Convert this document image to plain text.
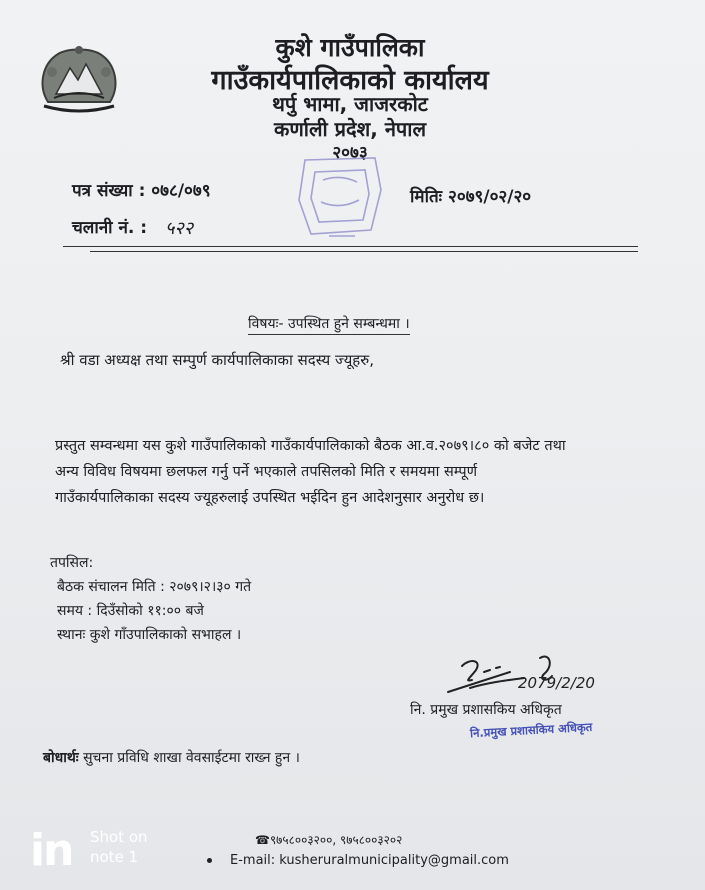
कुशे गाउँपालिका
गाउँकार्यपालिकाको कार्यालय
थर्पु भामा, जाजरकोट
कर्णाली प्रदेश, नेपाल
२०७३
पत्र संख्या : ०७८/०७९	मितिः २०७९/०२/२०
चलानी नं. : ५२२
विषयः- उपस्थित हुने सम्बन्धमा ।
श्री वडा अध्यक्ष तथा सम्पुर्ण कार्यपालिकाका सदस्य ज्यूहरु,
प्रस्तुत सम्वन्धमा यस कुशे गाउँपालिकाको गाउँकार्यपालिकाको बैठक आ.व.२०७९।८० को बजेट तथा
अन्य विविध विषयमा छलफल गर्नु पर्ने भएकाले तपसिलको मिति र समयमा सम्पूर्ण
गाउँकार्यपालिकाका सदस्य ज्यूहरुलाई उपस्थित भईदिन हुन आदेशनुसार अनुरोध छ।
तपसिल:
बैठक संचालन मिति : २०७९।२।३० गते
समय : दिउँसोको ११:०० बजे
स्थानः कुशे गाँउपालिकाको सभाहल ।
2079/2/20
नि. प्रमुख प्रशासकिय अधिकृत
नि.प्रमुख प्रशासकिय अधिकृत
बोधार्थः सुचना प्रविधि शाखा वेवसाईटमा राख्न हुन ।
☎९७५८००३२००, ९७५८००३२०२
E-mail: kusheruralmunicipality@gmail.com
in Shot on
note 1
